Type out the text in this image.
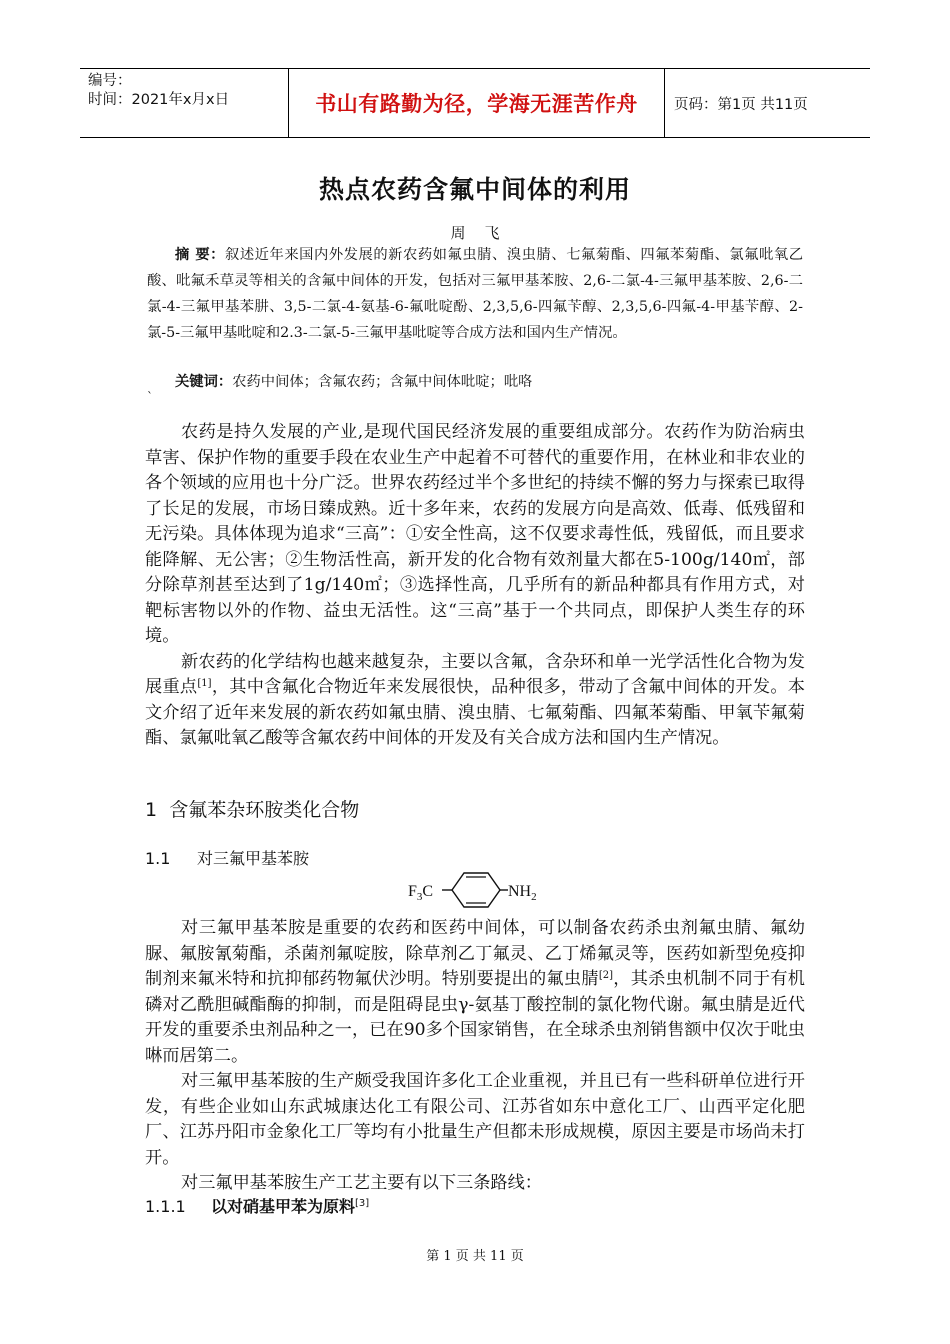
编号：
时间：2021年x月x日	书山有路勤为径，学海无涯苦作舟	页码：第1页 共11页
热点农药含氟中间体的利用
周    飞

摘 要：叙述近年来国内外发展的新农药如氟虫腈、溴虫腈、七氟菊酯、四氟苯菊酯、氯氟吡氧乙酸、吡氟禾草灵等相关的含氟中间体的开发，包括对三氟甲基苯胺、2,6-二氯-4-三氟甲基苯胺、2,6-二氯-4-三氟甲基苯肼、3,5-二氯-4-氨基-6-氟吡啶酚、2,3,5,6-四氟苄醇、2,3,5,6-四氟-4-甲基苄醇、2-氯-5-三氟甲基吡啶和2.3-二氯-5-三氟甲基吡啶等合成方法和国内生产情况。

关键词：农药中间体；含氟农药；含氟中间体吡啶；吡咯
`

农药是持久发展的产业,是现代国民经济发展的重要组成部分。农药作为防治病虫草害、保护作物的重要手段在农业生产中起着不可替代的重要作用，在林业和非农业的各个领域的应用也十分广泛。世界农药经过半个多世纪的持续不懈的努力与探索已取得了长足的发展，市场日臻成熟。近十多年来，农药的发展方向是高效、低毒、低残留和无污染。具体体现为追求“三高”：①安全性高，这不仅要求毒性低，残留低，而且要求能降解、无公害；②生物活性高，新开发的化合物有效剂量大都在5-100g/140㎡，部分除草剂甚至达到了1g/140㎡；③选择性高，几乎所有的新品种都具有作用方式，对靶标害物以外的作物、益虫无活性。这“三高”基于一个共同点，即保护人类生存的环境。

新农药的化学结构也越来越复杂，主要以含氟，含杂环和单一光学活性化合物为发展重点[1]，其中含氟化合物近年来发展很快，品种很多，带动了含氟中间体的开发。本文介绍了近年来发展的新农药如氟虫腈、溴虫腈、七氟菊酯、四氟苯菊酯、甲氧苄氟菊酯、氯氟吡氧乙酸等含氟农药中间体的开发及有关合成方法和国内生产情况。

1 含氟苯杂环胺类化合物
1.1 对三氟甲基苯胺
$F_3C$	$NH_2$

对三氟甲基苯胺是重要的农药和医药中间体，可以制备农药杀虫剂氟虫腈、氟幼脲、氟胺氰菊酯，杀菌剂氟啶胺，除草剂乙丁氟灵、乙丁烯氟灵等，医药如新型免疫抑制剂来氟米特和抗抑郁药物氟伏沙明。特别要提出的氟虫腈[2]，其杀虫机制不同于有机磷对乙酰胆碱酯酶的抑制，而是阻碍昆虫γ-氨基丁酸控制的氯化物代谢。氟虫腈是近代开发的重要杀虫剂品种之一，已在90多个国家销售，在全球杀虫剂销售额中仅次于吡虫啉而居第二。

对三氟甲基苯胺的生产颇受我国许多化工企业重视，并且已有一些科研单位进行开发，有些企业如山东武城康达化工有限公司、江苏省如东中意化工厂、山西平定化肥厂、江苏丹阳市金象化工厂等均有小批量生产但都未形成规模，原因主要是市场尚未打开。

对三氟甲基苯胺生产工艺主要有以下三条路线：

1.1.1 以对硝基甲苯为原料[3]
第 1 页 共 11 页
